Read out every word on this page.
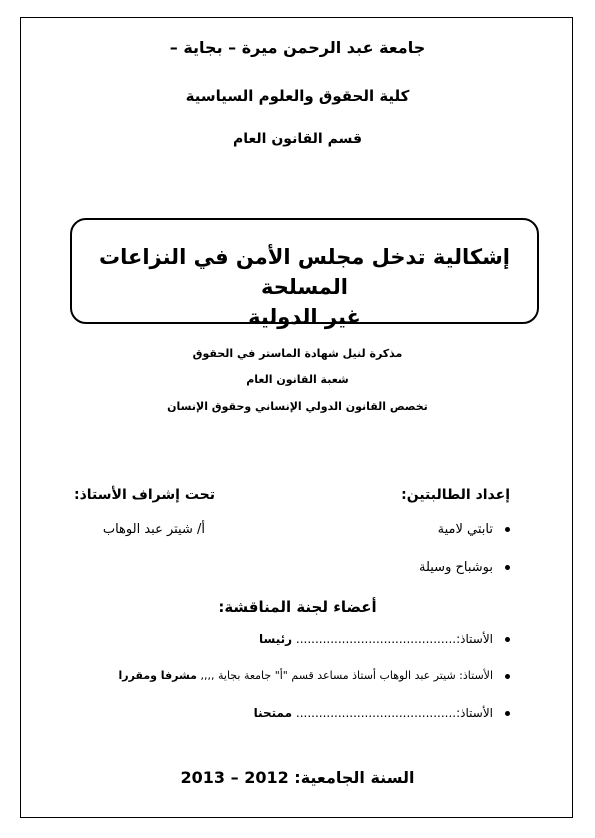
جامعة عبد الرحمن ميرة – بجاية –
كلية الحقوق والعلوم السياسية
قسم القانون العام
إشكالية تدخل مجلس الأمن في النزاعات المسلحة
غير الدولية
مذكرة لنيل شهادة الماستر في الحقوق
شعبة القانون العام
تخصص القانون الدولي الإنساني وحقوق الإنسان
إعداد الطالبتين:
تحت إشراف الأستاذ:
تابتي لامية
بوشباح وسيلة
أ/ شيتر عبد الوهاب
أعضاء لجنة المناقشة:
الأستاذ:.......................................... رئيسا
الأستاذ: شيتر عبد الوهاب أستاذ مساعد قسم "أ" جامعة بجاية ,,,, مشرفا ومقررا
الأستاذ:.......................................... ممتحنا
السنة الجامعية: 2012 – 2013
